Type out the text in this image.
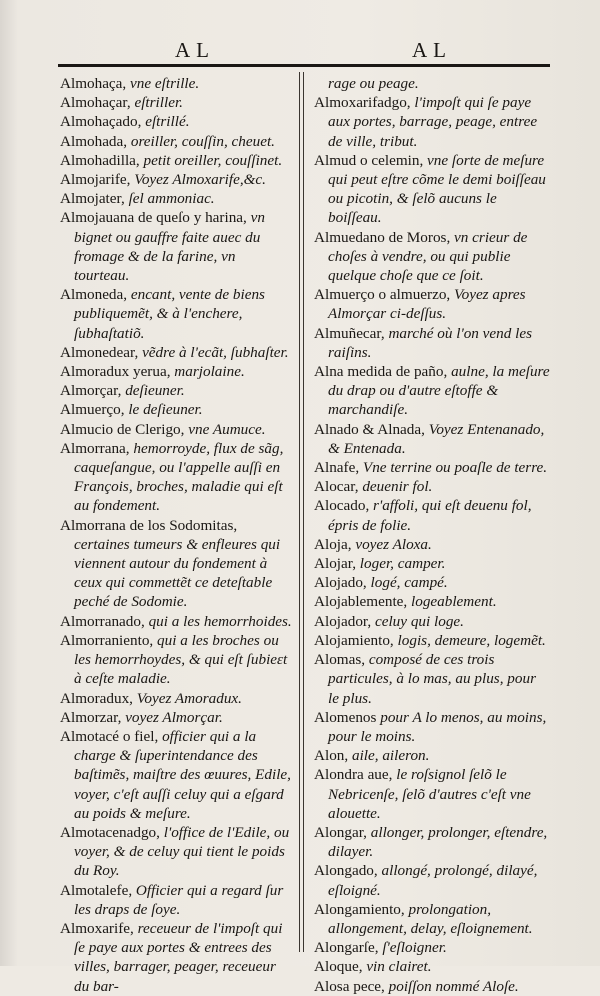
AL	AL

Almohaça, vne eſtrille.

Almohaçar, eſtriller.

Almohaçado, eſtrillé.

Almohada, oreiller, couſſin, cheuet.

Almohadilla, petit oreiller, couſſinet.

Almojarife, Voyez Almoxarife,&c.

Almojater, ſel ammoniac.

Almojauana de queſo y harina, vn bignet ou gauffre faite auec du fromage & de la farine, vn tourteau.

Almoneda, encant, vente de biens publiquemẽt, & à l'enchere, ſubhaſtatiõ.

Almonedear, vẽdre à l'ecãt, ſubhaſter.

Almoradux yerua, marjolaine.

Almorçar, deſieuner.

Almuerço, le deſieuner.

Almucio de Clerigo, vne Aumuce.

Almorrana, hemorroyde, flux de sãg, caqueſangue, ou l'appelle auſſi en François, broches, maladie qui eſt au fondement.

Almorrana de los Sodomitas, certaines tumeurs & enfleures qui viennent autour du fondement à ceux qui commettẽt ce deteſtable peché de Sodomie.

Almorranado, qui a les hemorrhoides.

Almorraniento, qui a les broches ou les hemorrhoydes, & qui eſt ſubieɛt à ceſte maladie.

Almoradux, Voyez Amoradux.

Almorzar, voyez Almorçar.

Almotacé o fiel, officier qui a la charge & ſuperintendance des baſtimẽs, maiſtre des œuures, Edile, voyer, c'eſt auſſi celuy qui a eſgard au poids & meſure.

Almotacenadgo, l'office de l'Edile, ou voyer, & de celuy qui tient le poids du Roy.

Almotalefe, Officier qui a regard ſur les draps de ſoye.

Almoxarife, receueur de l'impoſt qui ſe paye aux portes & entrees des villes, barrager, peager, receueur du bar-

rage ou peage.

Almoxarifadgo, l'impoſt qui ſe paye aux portes, barrage, peage, entree de ville, tribut.

Almud o celemin, vne ſorte de meſure qui peut eſtre cõme le demi boiſſeau ou picotin, & ſelõ aucuns le boiſſeau.

Almuedano de Moros, vn crieur de choſes à vendre, ou qui publie quelque choſe que ce ſoit.

Almuerço o almuerzo, Voyez apres Almorçar ci-deſſus.

Almuñecar, marché où l'on vend les raiſins.

Alna medida de paño, aulne, la meſure du drap ou d'autre eſtoffe & marchandiſe.

Alnado & Alnada, Voyez Entenanado, & Entenada.

Alnafe, Vne terrine ou poaſle de terre.

Alocar, deuenir fol.

Alocado, r'affoli, qui eſt deuenu fol, épris de folie.

Aloja, voyez Aloxa.

Alojar, loger, camper.

Alojado, logé, campé.

Alojablemente, logeablement.

Alojador, celuy qui loge.

Alojamiento, logis, demeure, logemẽt.

Alomas, composé de ces trois particules, à lo mas, au plus, pour le plus.

Alomenos pour A lo menos, au moins, pour le moins.

Alon, aile, aileron.

Alondra aue, le roſsignol ſelõ le Nebricenſe, ſelõ d'autres c'eſt vne alouette.

Alongar, allonger, prolonger, eſtendre, dilayer.

Alongado, allongé, prolongé, dilayé, eſloigné.

Alongamiento, prolongation, allongement, delay, eſloignement.

Alongarſe, ſ'eſloigner.

Aloque, vin clairet.

Alosa pece, poiſſon nommé Aloſe.
